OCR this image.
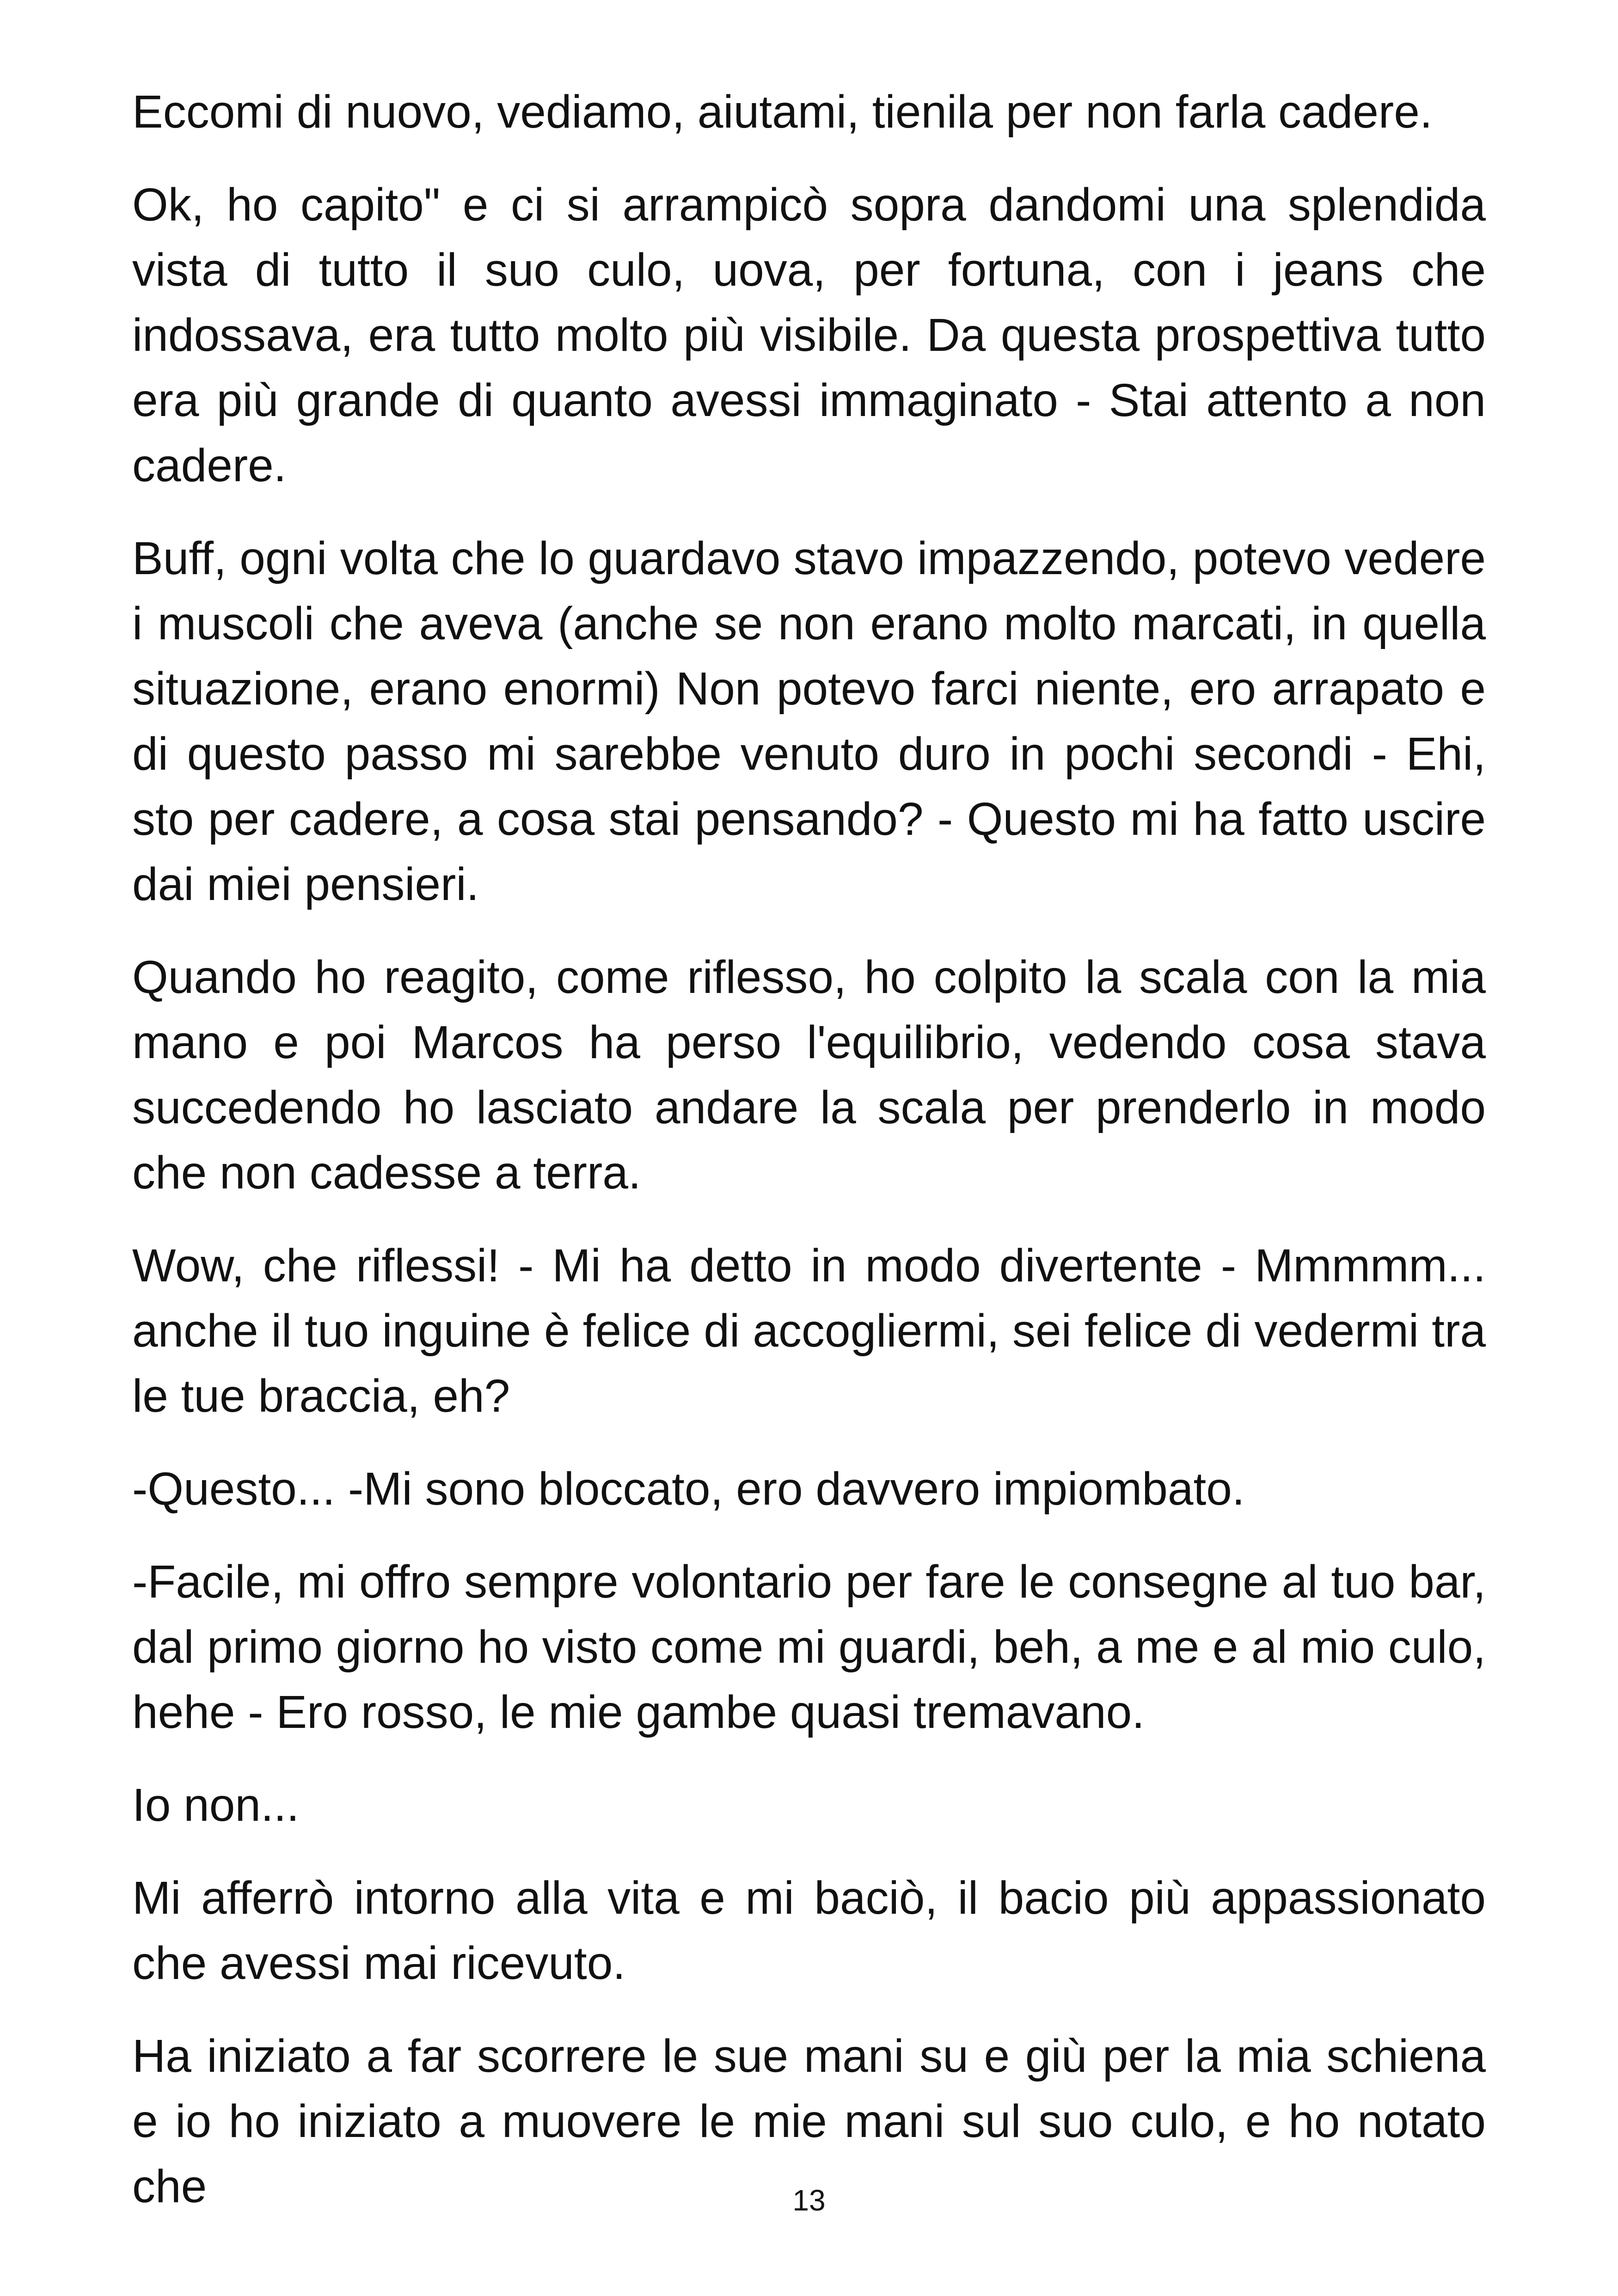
Eccomi di nuovo, vediamo, aiutami, tienila per non farla cadere.

Ok, ho capito" e ci si arrampicò sopra dandomi una splendida vista di tutto il suo culo, uova, per fortuna, con i jeans che indossava, era tutto molto più visibile. Da questa prospettiva tutto era più grande di quanto avessi immaginato - Stai attento a non cadere.

Buff, ogni volta che lo guardavo stavo impazzendo, potevo vedere i muscoli che aveva (anche se non erano molto marcati, in quella situazione, erano enormi) Non potevo farci niente, ero arrapato e di questo passo mi sarebbe venuto duro in pochi secondi - Ehi, sto per cadere, a cosa stai pensando? - Questo mi ha fatto uscire dai miei pensieri.

Quando ho reagito, come riflesso, ho colpito la scala con la mia mano e poi Marcos ha perso l'equilibrio, vedendo cosa stava succedendo ho lasciato andare la scala per prenderlo in modo che non cadesse a terra.

Wow, che riflessi! - Mi ha detto in modo divertente - Mmmmm... anche il tuo inguine è felice di accogliermi, sei felice di vedermi tra le tue braccia, eh?

-Questo... -Mi sono bloccato, ero davvero impiombato.

-Facile, mi offro sempre volontario per fare le consegne al tuo bar, dal primo giorno ho visto come mi guardi, beh, a me e al mio culo, hehe - Ero rosso, le mie gambe quasi tremavano.

Io non...

Mi afferrò intorno alla vita e mi baciò, il bacio più appassionato che avessi mai ricevuto.

Ha iniziato a far scorrere le sue mani su e giù per la mia schiena e io ho iniziato a muovere le mie mani sul suo culo, e ho notato che	13
